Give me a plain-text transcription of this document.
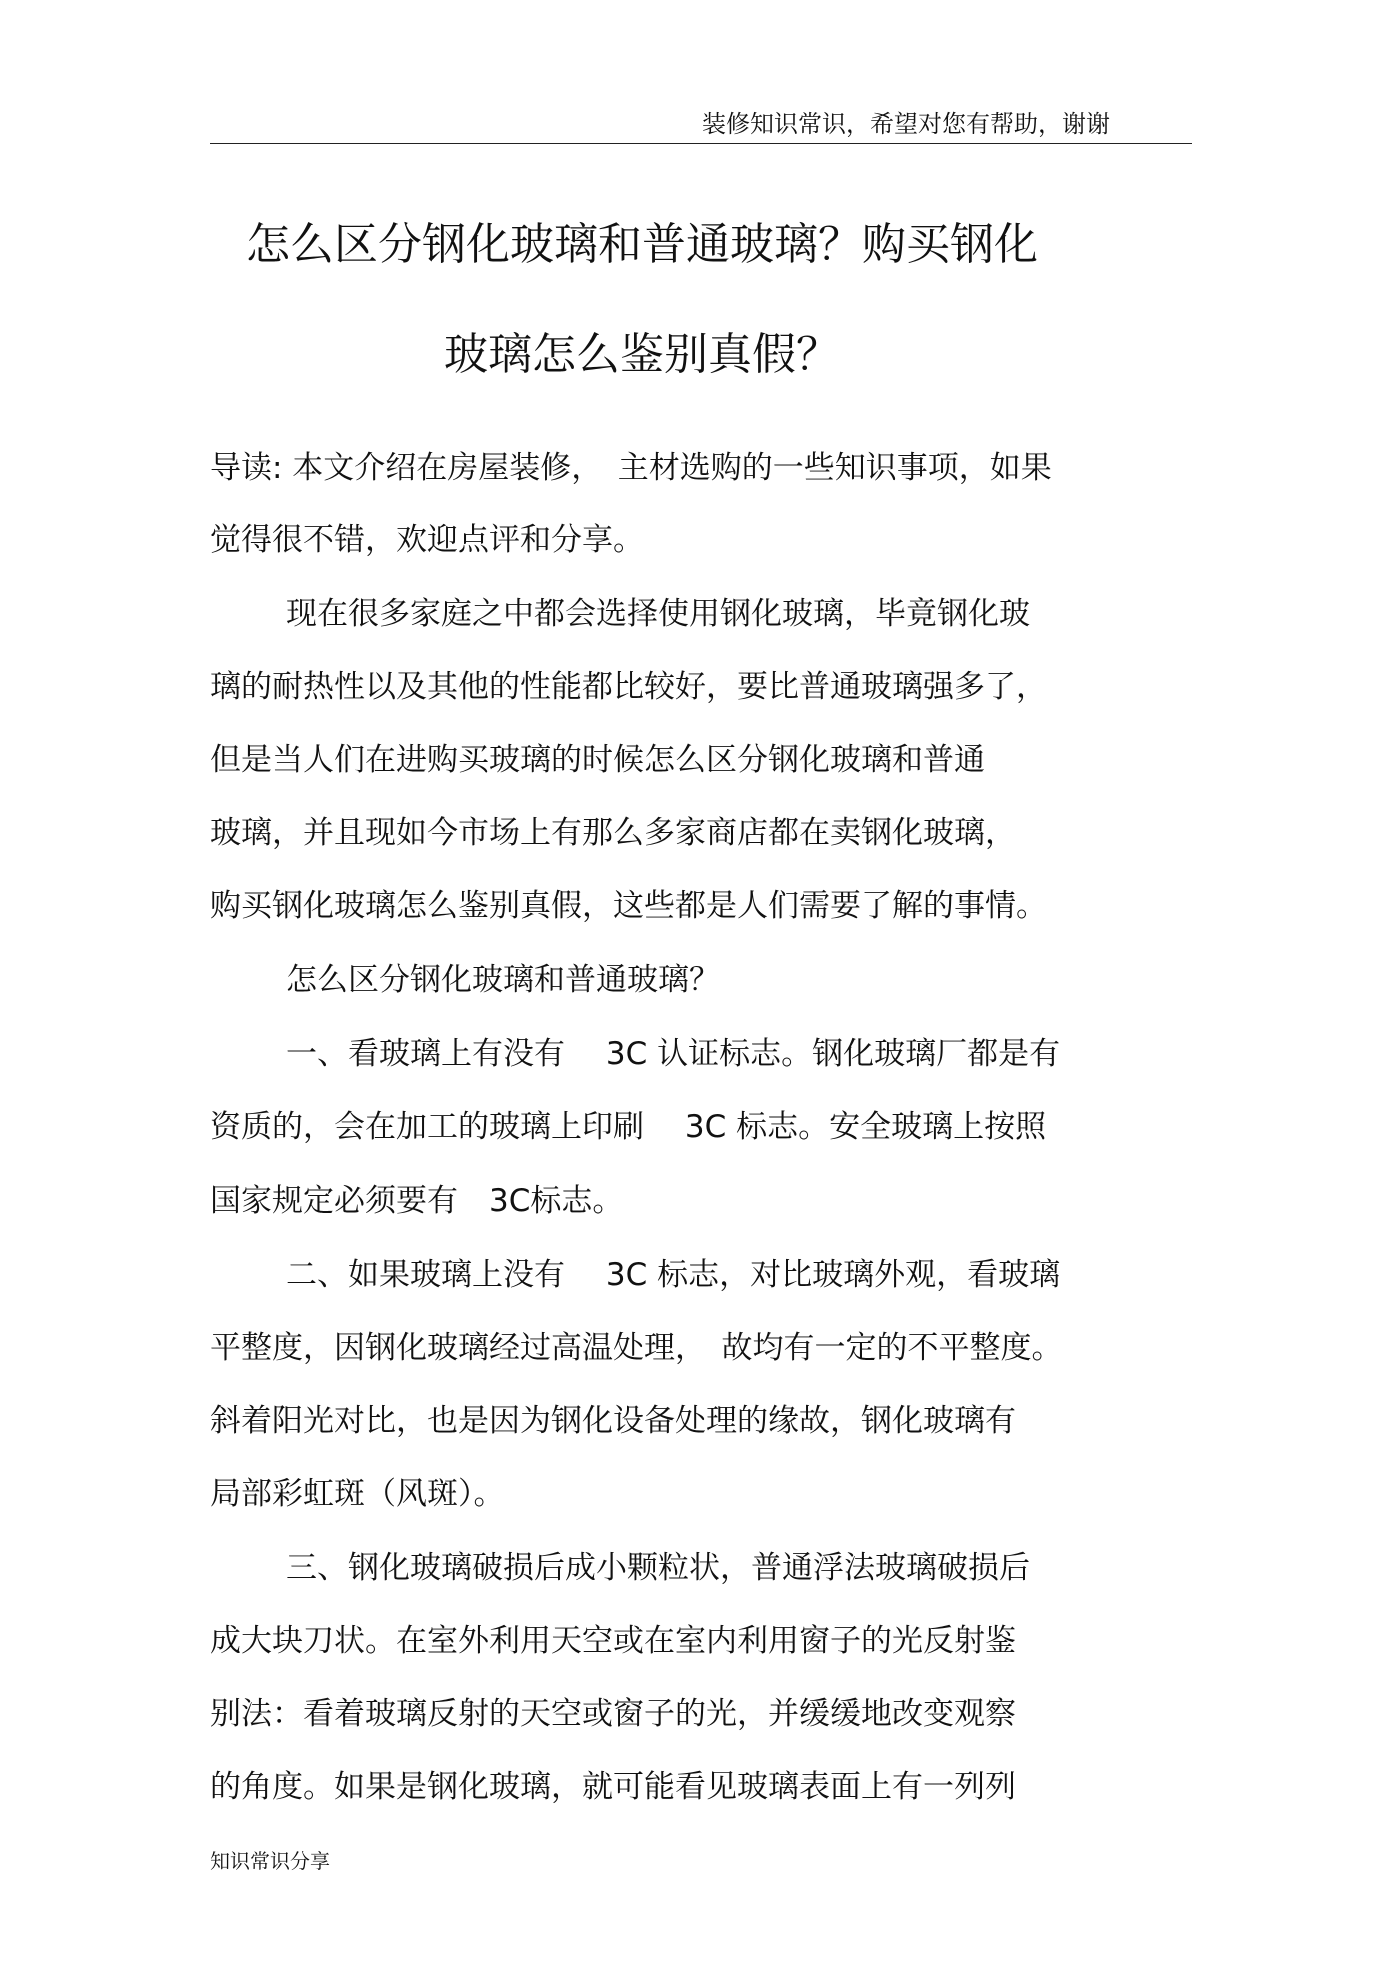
装修知识常识，希望对您有帮助，谢谢
怎么区分钢化玻璃和普通玻璃？购买钢化
玻璃怎么鉴别真假？
导读: 本文介绍在房屋装修，　主材选购的一些知识事项，如果
觉得很不错，欢迎点评和分享。
现在很多家庭之中都会选择使用钢化玻璃，毕竟钢化玻
璃的耐热性以及其他的性能都比较好，要比普通玻璃强多了，
但是当人们在进购买玻璃的时候怎么区分钢化玻璃和普通
玻璃，并且现如今市场上有那么多家商店都在卖钢化玻璃，
购买钢化玻璃怎么鉴别真假，这些都是人们需要了解的事情。
怎么区分钢化玻璃和普通玻璃？
一、看玻璃上有没有　 3C 认证标志。钢化玻璃厂都是有
资质的，会在加工的玻璃上印刷　 3C 标志。安全玻璃上按照
国家规定必须要有　3C标志。
二、如果玻璃上没有　 3C 标志，对比玻璃外观，看玻璃
平整度，因钢化玻璃经过高温处理，　故均有一定的不平整度。
斜着阳光对比，也是因为钢化设备处理的缘故，钢化玻璃有
局部彩虹斑（风斑）。
三、钢化玻璃破损后成小颗粒状，普通浮法玻璃破损后
成大块刀状。在室外利用天空或在室内利用窗子的光反射鉴
别法：看着玻璃反射的天空或窗子的光，并缓缓地改变观察
的角度。如果是钢化玻璃，就可能看见玻璃表面上有一列列
知识常识分享
